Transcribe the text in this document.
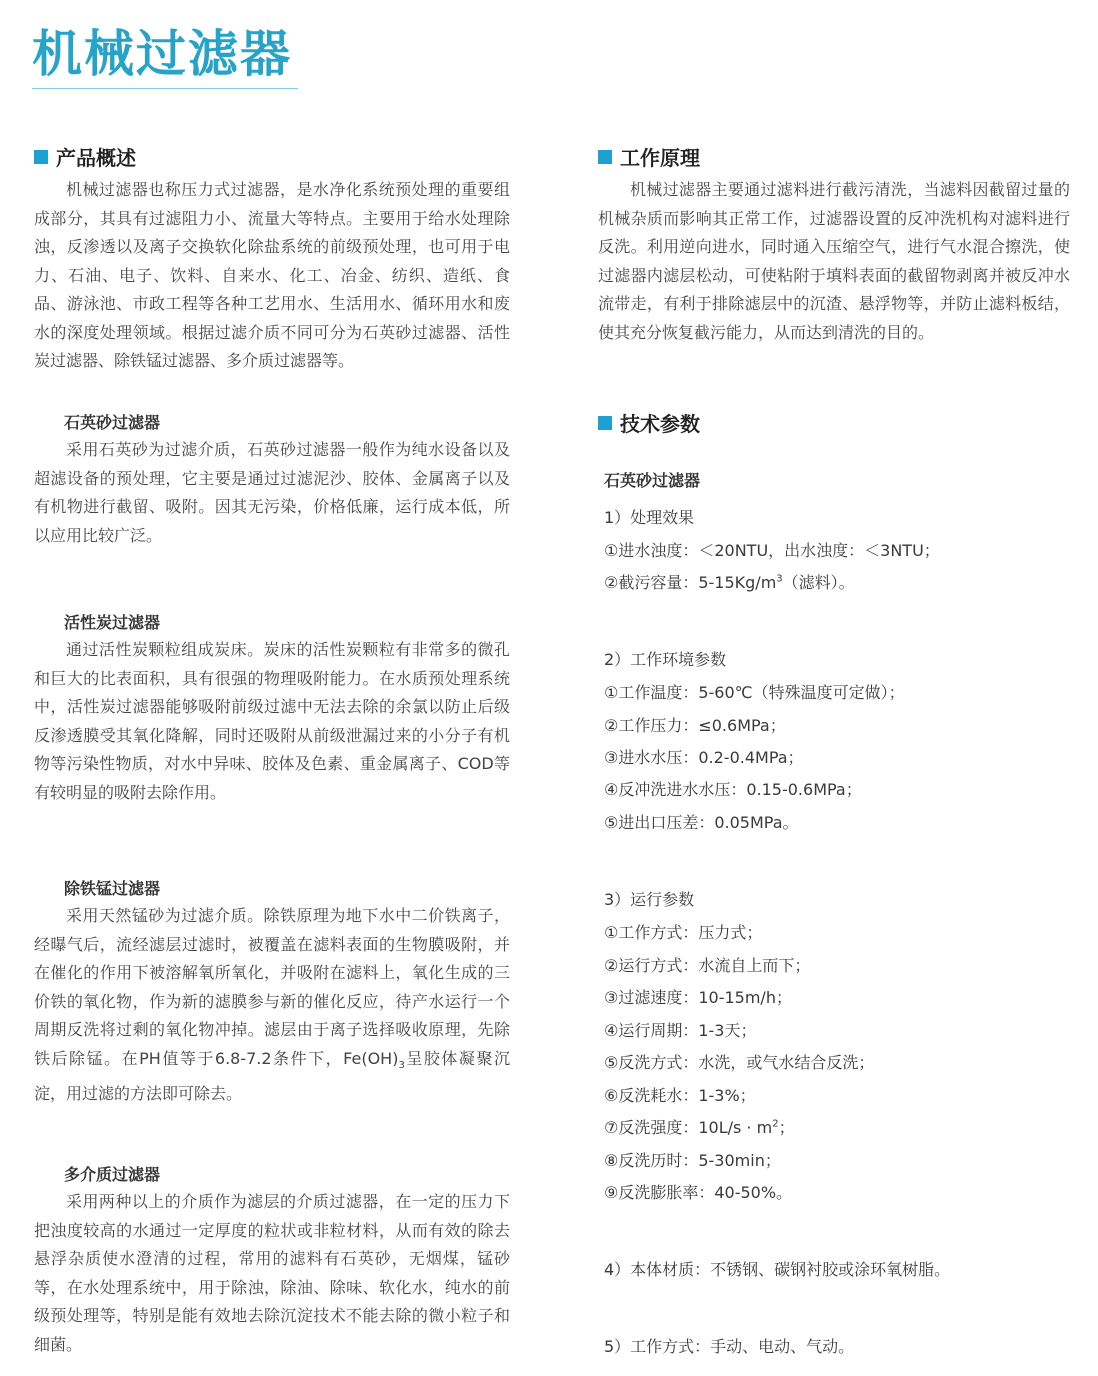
机械过滤器
产品概述

机械过滤器也称压力式过滤器，是水净化系统预处理的重要组成部分，其具有过滤阻力小、流量大等特点。主要用于给水处理除浊，反渗透以及离子交换软化除盐系统的前级预处理，也可用于电力、石油、电子、饮料、自来水、化工、冶金、纺织、造纸、食品、游泳池、市政工程等各种工艺用水、生活用水、循环用水和废水的深度处理领域。根据过滤介质不同可分为石英砂过滤器、活性炭过滤器、除铁锰过滤器、多介质过滤器等。

石英砂过滤器

采用石英砂为过滤介质，石英砂过滤器一般作为纯水设备以及超滤设备的预处理，它主要是通过过滤泥沙、胶体、金属离子以及有机物进行截留、吸附。因其无污染，价格低廉，运行成本低，所以应用比较广泛。

活性炭过滤器

通过活性炭颗粒组成炭床。炭床的活性炭颗粒有非常多的微孔和巨大的比表面积，具有很强的物理吸附能力。在水质预处理系统中，活性炭过滤器能够吸附前级过滤中无法去除的余氯以防止后级反渗透膜受其氧化降解，同时还吸附从前级泄漏过来的小分子有机物等污染性物质，对水中异味、胶体及色素、重金属离子、COD等有较明显的吸附去除作用。

除铁锰过滤器

采用天然锰砂为过滤介质。除铁原理为地下水中二价铁离子，经曝气后，流经滤层过滤时，被覆盖在滤料表面的生物膜吸附，并在催化的作用下被溶解氧所氧化，并吸附在滤料上，氧化生成的三价铁的氧化物，作为新的滤膜参与新的催化反应，待产水运行一个周期反洗将过剩的氧化物冲掉。滤层由于离子选择吸收原理，先除铁后除锰。在PH值等于6.8-7.2条件下，$Fe(OH)_3$呈胶体凝聚沉淀，用过滤的方法即可除去。

多介质过滤器

采用两种以上的介质作为滤层的介质过滤器，在一定的压力下把浊度较高的水通过一定厚度的粒状或非粒材料，从而有效的除去悬浮杂质使水澄清的过程，常用的滤料有石英砂，无烟煤，锰砂等，在水处理系统中，用于除浊，除油、除味、软化水，纯水的前级预处理等，特别是能有效地去除沉淀技术不能去除的微小粒子和细菌。

工作原理

机械过滤器主要通过滤料进行截污清洗，当滤料因截留过量的机械杂质而影响其正常工作，过滤器设置的反冲洗机构对滤料进行反洗。利用逆向进水，同时通入压缩空气，进行气水混合擦洗，使过滤器内滤层松动，可使粘附于填料表面的截留物剥离并被反冲水流带走，有利于排除滤层中的沉渣、悬浮物等，并防止滤料板结，使其充分恢复截污能力，从而达到清洗的目的。

技术参数
石英砂过滤器
1）处理效果
①进水浊度：＜20NTU，出水浊度：＜3NTU；
②截污容量：$5-15Kg/m^3$（滤料）。
2）工作环境参数
①工作温度：5-60℃（特殊温度可定做）；
②工作压力：≤0.6MPa；
③进水水压：0.2-0.4MPa；
④反冲洗进水水压：0.15-0.6MPa；
⑤进出口压差：0.05MPa。
3）运行参数
①工作方式：压力式；
②运行方式：水流自上而下；
③过滤速度：10-15m/h；
④运行周期：1-3天；
⑤反洗方式：水洗，或气水结合反洗；
⑥反洗耗水：1-3%；
⑦反洗强度：$10L/s \cdot m^2$；
⑧反洗历时：5-30min；
⑨反洗膨胀率：40-50%。
4）本体材质：不锈钢、碳钢衬胶或涂环氧树脂。
5）工作方式：手动、电动、气动。
